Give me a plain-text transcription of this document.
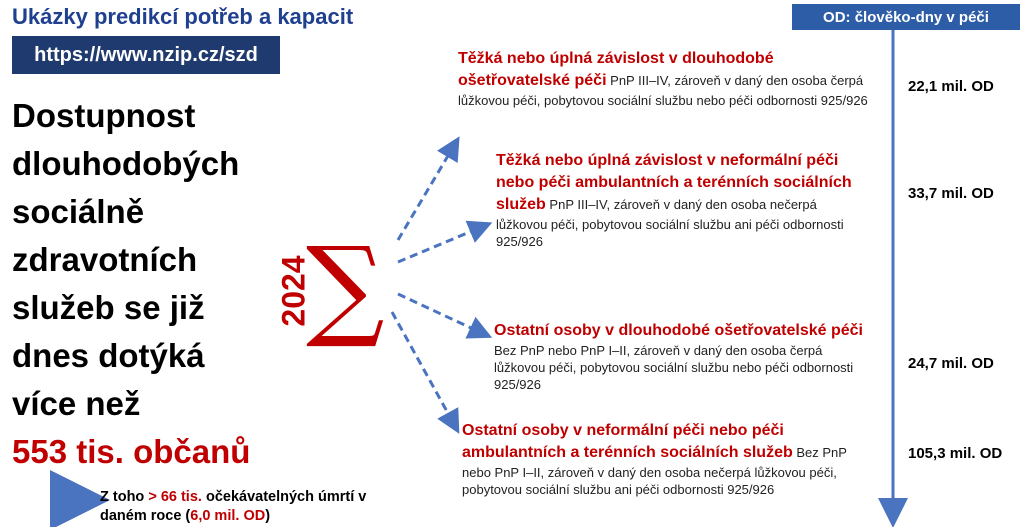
Ukázky predikcí potřeb a kapacit
https://www.nzip.cz/szd
Dostupnost
dlouhodobých
sociálně
zdravotních
služeb se již
dnes dotýká
více než
553 tis. občanů
2024
∑
OD: člověko-dny v péči
Těžká nebo úplná závislost v dlouhodobé ošetřovatelské péči PnP III–IV, zároveň v daný den osoba čerpá lůžkovou péči, pobytovou sociální službu nebo péči odbornosti 925/926
Těžká nebo úplná závislost v neformální péči nebo péči ambulantních a terénních sociálních služeb PnP III–IV, zároveň v daný den osoba nečerpá lůžkovou péči, pobytovou sociální službu ani péči odbornosti 925/926
Ostatní osoby v dlouhodobé ošetřovatelské péči Bez PnP nebo PnP I–II, zároveň v daný den osoba čerpá lůžkovou péči, pobytovou sociální službu nebo péči odbornosti 925/926
Ostatní osoby v neformální péči nebo péči ambulantních a terénních sociálních služeb Bez PnP nebo PnP I–II, zároveň v daný den osoba nečerpá lůžkovou péči, pobytovou sociální službu ani péči odbornosti 925/926
22,1 mil. OD
33,7 mil. OD
24,7 mil. OD
105,3 mil. OD
Z toho > 66 tis. očekávatelných úmrtí v daném roce (6,0 mil. OD)
